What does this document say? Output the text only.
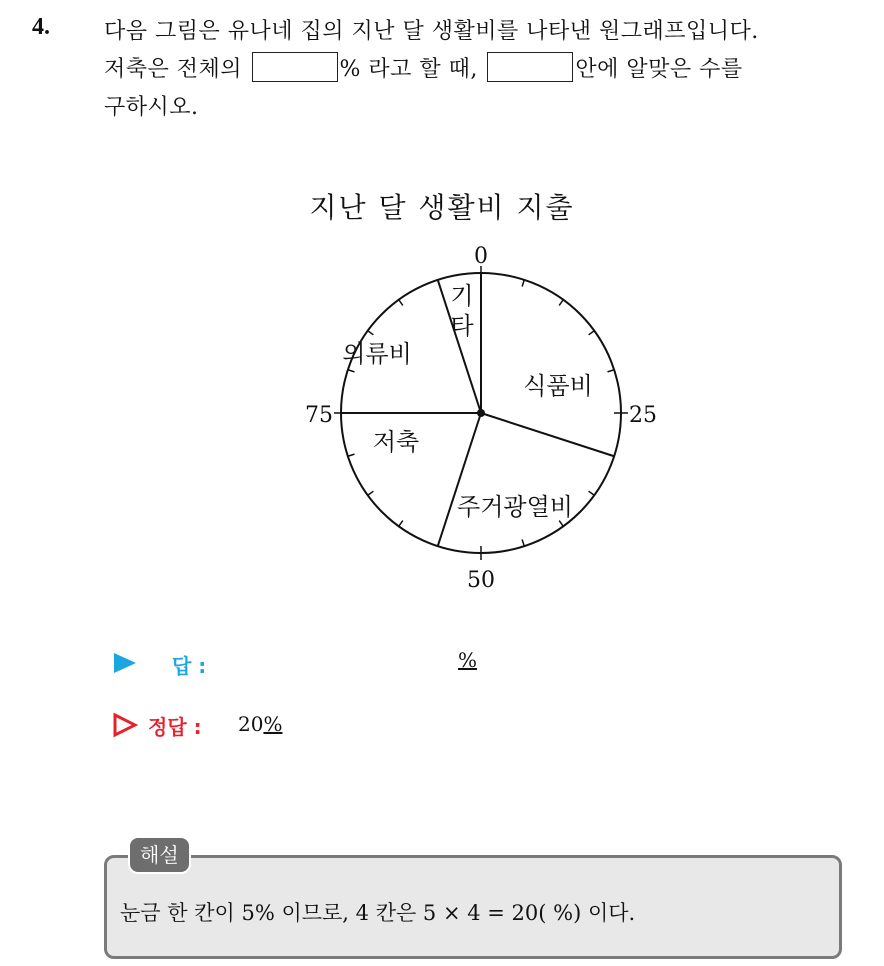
4. 다음 그림은 유나네 집의 지난 달 생활비를 나타낸 원그래프입니다.
저축은 전체의	% 라고 할 때,	안에 알맞은 수를
구하시오.
지난 달 생활비 지출
0
25
50
75
식품비
주거광열비
저축
의류비
기
타
답 :	%
정답 : 20%
해설
눈금 한 칸이 5% 이므로, 4 칸은 5 × 4 = 20( %) 이다.
